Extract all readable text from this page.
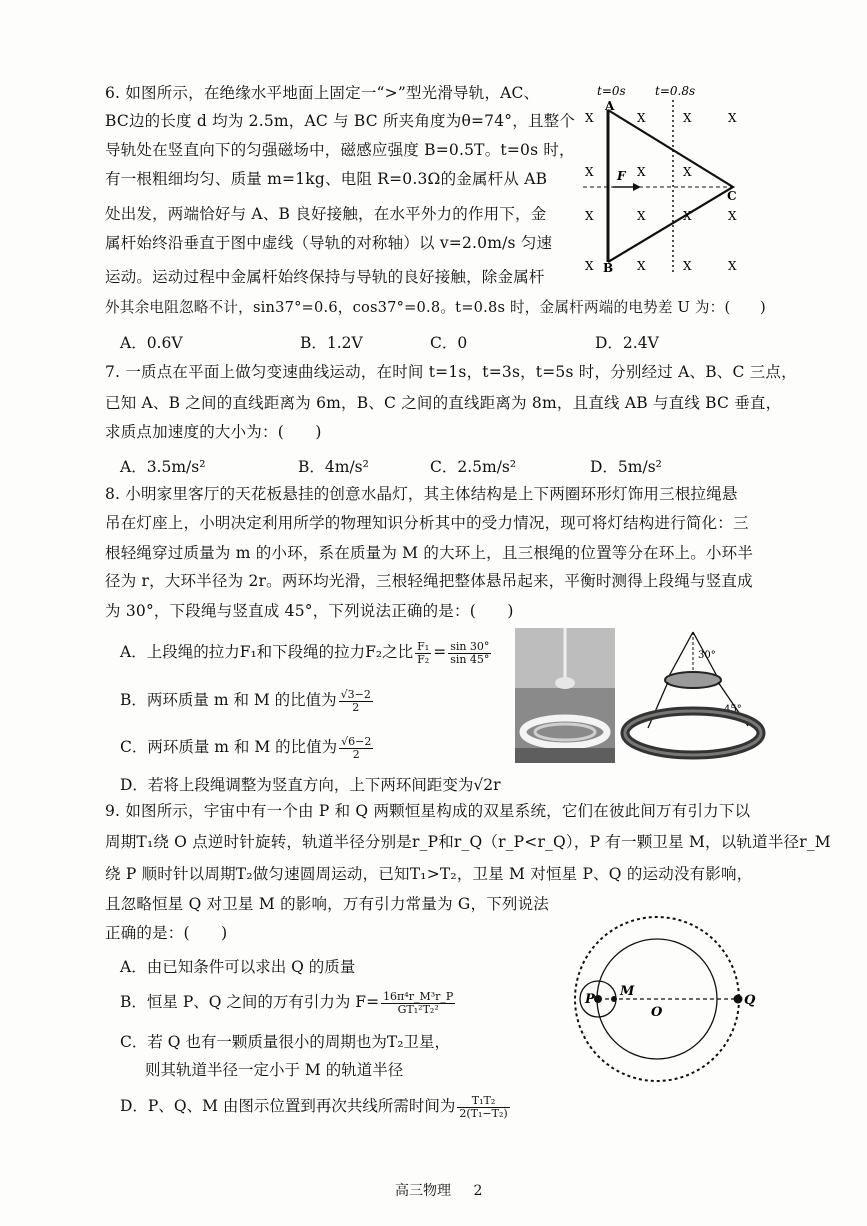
6. 如图所示，在绝缘水平地面上固定一“>”型光滑导轨，AC、
BC边的长度 d 均为 2.5m，AC 与 BC 所夹角度为θ=74°，且整个
导轨处在竖直向下的匀强磁场中，磁感应强度 B=0.5T。t=0s 时，
有一根粗细均匀、质量 m=1kg、电阻 R=0.3Ω的金属杆从 AB
处出发，两端恰好与 A、B 良好接触，在水平外力的作用下，金
属杆始终沿垂直于图中虚线（导轨的对称轴）以 v=2.0m/s 匀速
运动。运动过程中金属杆始终保持与导轨的良好接触，除金属杆
外其余电阻忽略不计，sin37°=0.6，cos37°=0.8。t=0.8s 时，金属杆两端的电势差 U 为：(　　)
A．0.6V	B．1.2V	C．0	D．2.4V
t=0s t=0.8s
F
A
B
C
X	X	X	X
X	X	X
X	X	X	X
X	X	X	X
7. 一质点在平面上做匀变速曲线运动，在时间 t=1s，t=3s，t=5s 时，分别经过 A、B、C 三点，
已知 A、B 之间的直线距离为 6m，B、C 之间的直线距离为 8m，且直线 AB 与直线 BC 垂直，
求质点加速度的大小为：(　　)
A．3.5m/s²	B．4m/s²	C．2.5m/s²	D．5m/s²
8. 小明家里客厅的天花板悬挂的创意水晶灯，其主体结构是上下两圈环形灯饰用三根拉绳悬
吊在灯座上，小明决定利用所学的物理知识分析其中的受力情况，现可将灯结构进行简化：三
根轻绳穿过质量为 m 的小环，系在质量为 M 的大环上，且三根绳的位置等分在环上。小环半
径为 r，大环半径为 2r。两环均光滑，三根轻绳把整体悬吊起来，平衡时测得上段绳与竖直成
为 30°，下段绳与竖直成 45°，下列说法正确的是：(　　)
A．上段绳的拉力F₁和下段绳的拉力F₂之比 $\frac{\text{F₁}}{\text{F₂}} = \frac{\sin 30^\circ}{\sin 45^\circ}$
B．两环质量 m 和 M 的比值为 $\frac{√3-2}{2}$
C．两环质量 m 和 M 的比值为 $\frac{√6-2}{2}$
D．若将上段绳调整为竖直方向，上下两环间距变为√2r
30°
45°
9. 如图所示，宇宙中有一个由 P 和 Q 两颗恒星构成的双星系统，它们在彼此间万有引力下以
周期T₁绕 O 点逆时针旋转，轨道半径分别是r_P和r_Q（r_P<r_Q），P 有一颗卫星 M，以轨道半径r_M
绕 P 顺时针以周期T₂做匀速圆周运动，已知T₁>T₂，卫星 M 对恒星 P、Q 的运动没有影响，
且忽略恒星 Q 对卫星 M 的影响，万有引力常量为 G，下列说法
正确的是：(　　)
A．由已知条件可以求出 Q 的质量
B．恒星 P、Q 之间的万有引力为 $F= \frac{\text{16π⁴r\_M³r\_P}}{\text{GT₁²T₂²}}$
C．若 Q 也有一颗质量很小的周期也为T₂卫星，
则其轨道半径一定小于 M 的轨道半径
D．P、Q、M 由图示位置到再次共线所需时间为 $\frac{\text{T₁T₂}}{\text{2(T₁−T₂)}}$
P
M
O
Q
高三物理 2
